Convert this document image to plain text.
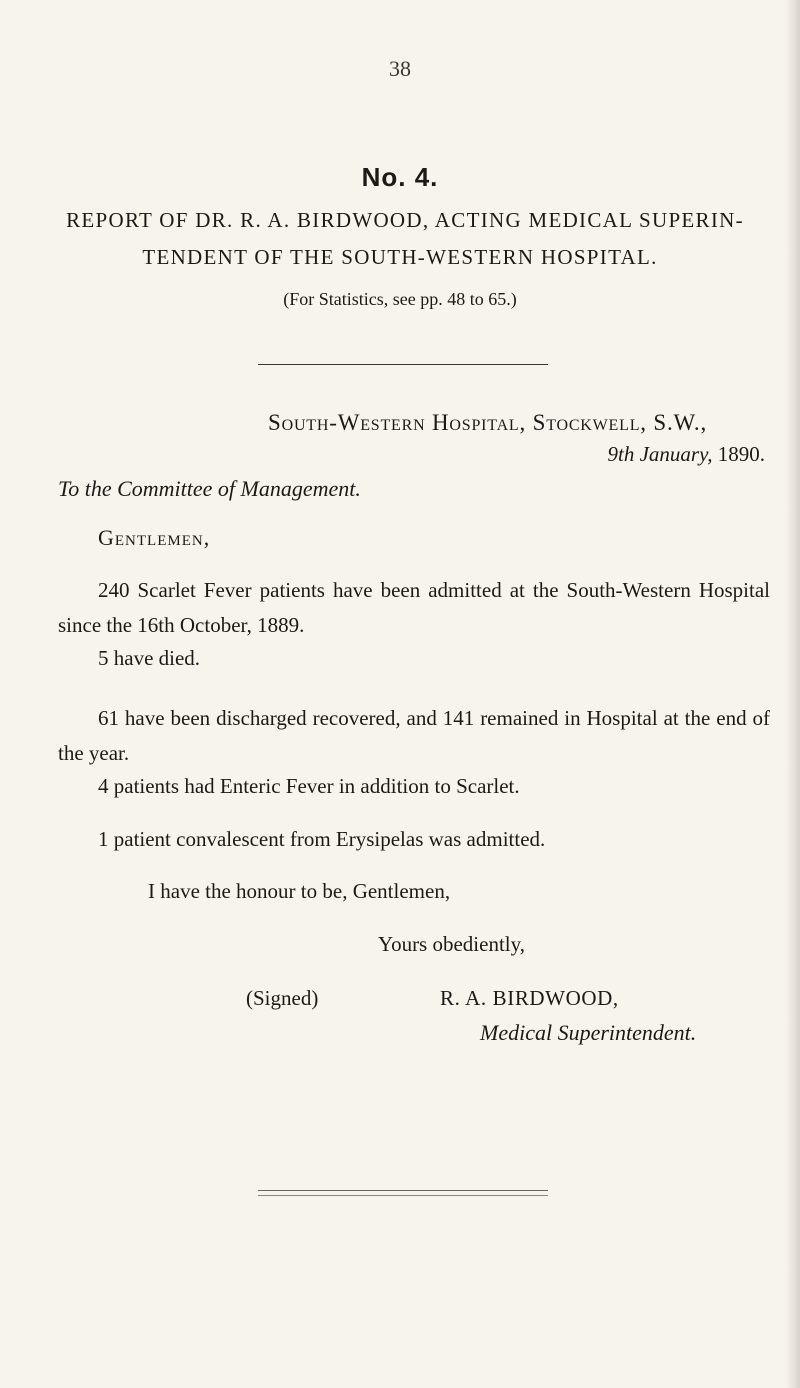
38
No. 4.
REPORT OF DR. R. A. BIRDWOOD, ACTING MEDICAL SUPERIN-
TENDENT OF THE SOUTH-WESTERN HOSPITAL.
(For Statistics, see pp. 48 to 65.)
South-Western Hospital, Stockwell, S.W.,
9th January, 1890.
To the Committee of Management.
Gentlemen,
240 Scarlet Fever patients have been admitted at the South-Western Hospital since the 16th October, 1889.
5 have died.
61 have been discharged recovered, and 141 remained in Hospital at the end of the year.
4 patients had Enteric Fever in addition to Scarlet.
1 patient convalescent from Erysipelas was admitted.
I have the honour to be, Gentlemen,
Yours obediently,
(Signed)	R. A. BIRDWOOD,
Medical Superintendent.
